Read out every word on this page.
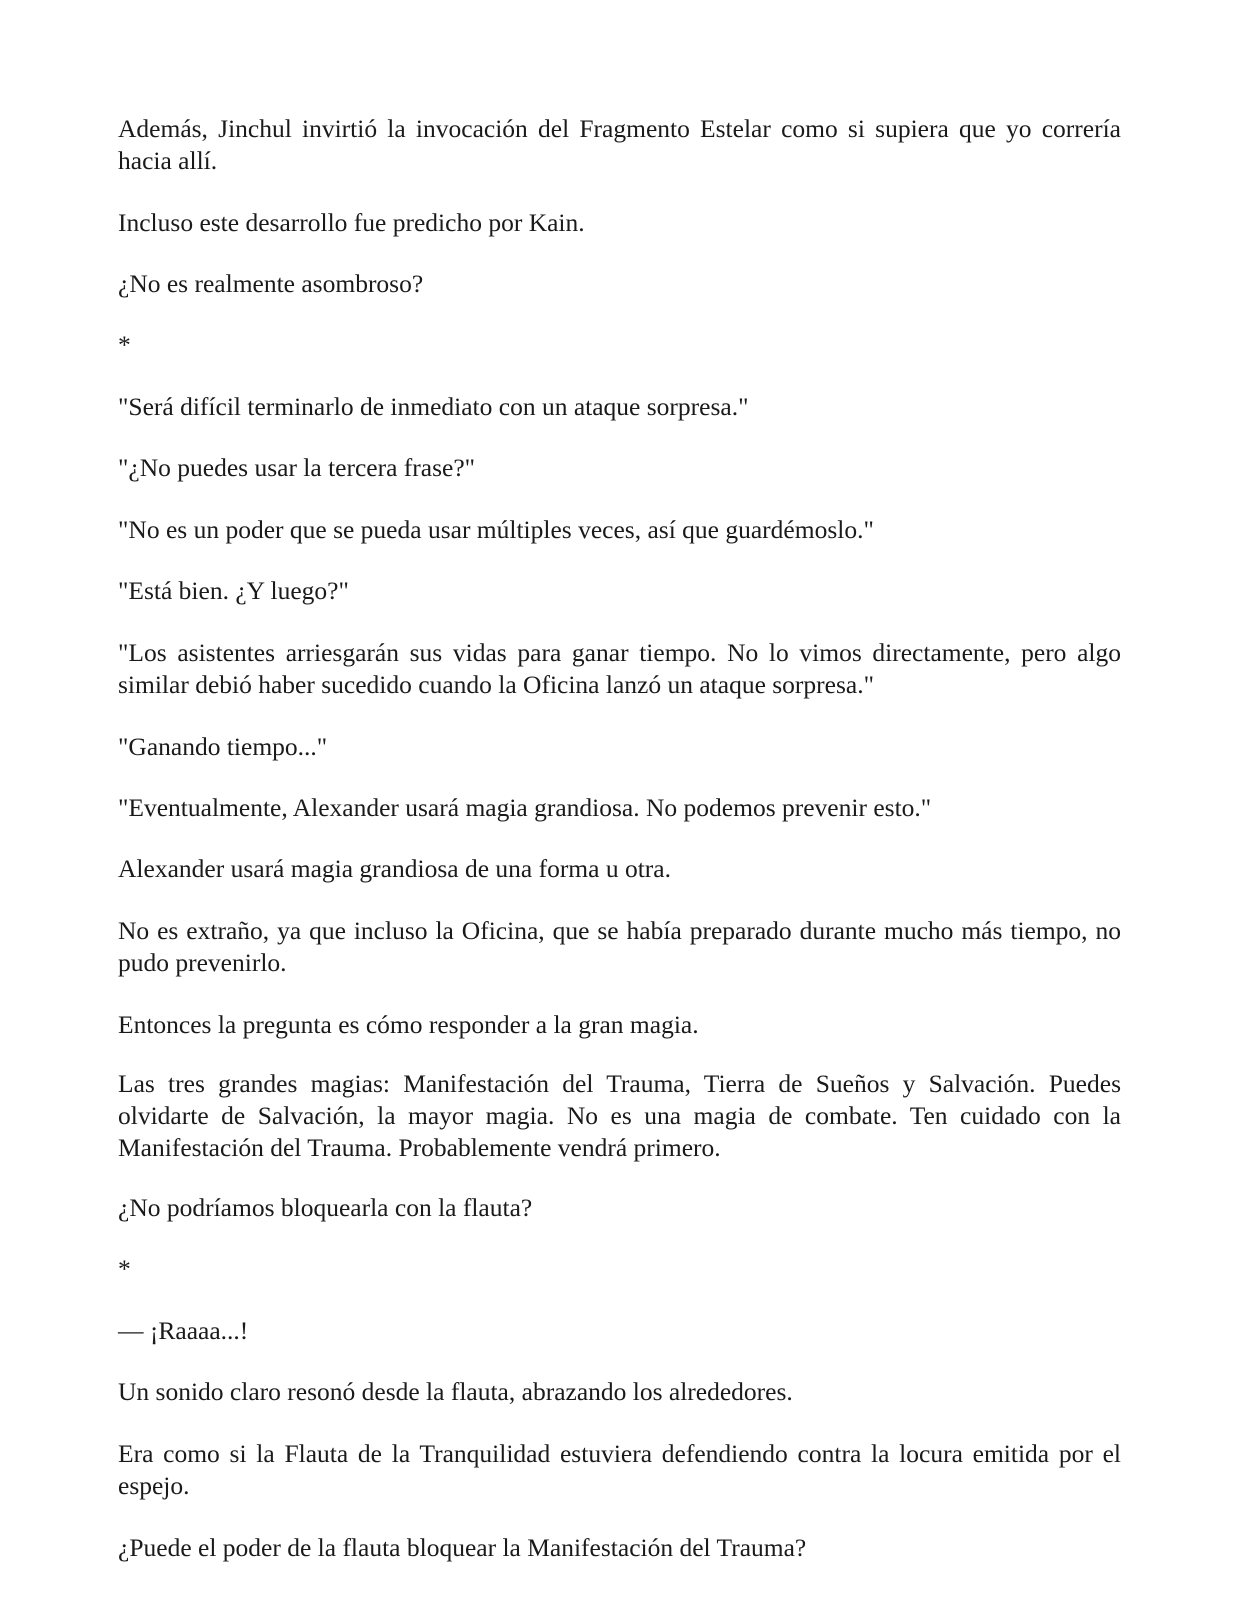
Además, Jinchul invirtió la invocación del Fragmento Estelar como si supiera que yo correría hacia allí.

Incluso este desarrollo fue predicho por Kain.

¿No es realmente asombroso?

*

"Será difícil terminarlo de inmediato con un ataque sorpresa."

"¿No puedes usar la tercera frase?"

"No es un poder que se pueda usar múltiples veces, así que guardémoslo."

"Está bien. ¿Y luego?"

"Los asistentes arriesgarán sus vidas para ganar tiempo. No lo vimos directamente, pero algo similar debió haber sucedido cuando la Oficina lanzó un ataque sorpresa."

"Ganando tiempo..."

"Eventualmente, Alexander usará magia grandiosa. No podemos prevenir esto."

Alexander usará magia grandiosa de una forma u otra.

No es extraño, ya que incluso la Oficina, que se había preparado durante mucho más tiempo, no pudo prevenirlo.

Entonces la pregunta es cómo responder a la gran magia.

Las tres grandes magias: Manifestación del Trauma, Tierra de Sueños y Salvación. Puedes olvidarte de Salvación, la mayor magia. No es una magia de combate. Ten cuidado con la Manifestación del Trauma. Probablemente vendrá primero.

¿No podríamos bloquearla con la flauta?

*

— ¡Raaaa...!

Un sonido claro resonó desde la flauta, abrazando los alrededores.

Era como si la Flauta de la Tranquilidad estuviera defendiendo contra la locura emitida por el espejo.

¿Puede el poder de la flauta bloquear la Manifestación del Trauma?
